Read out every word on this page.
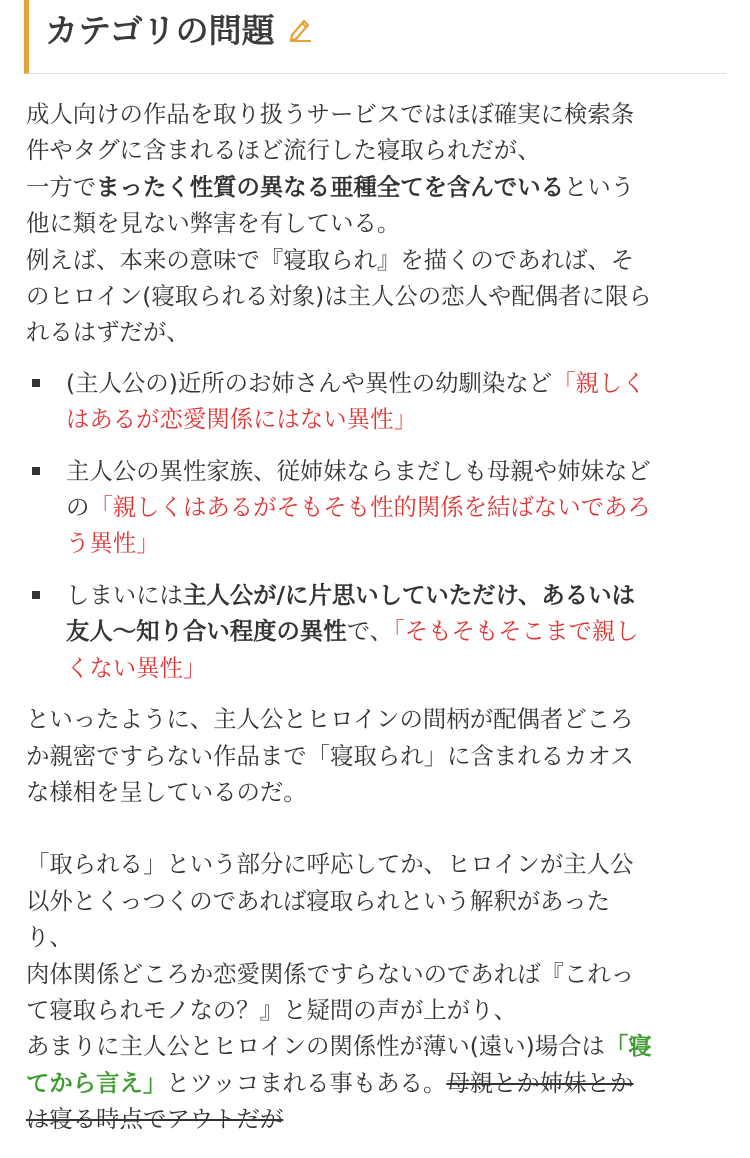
カテゴリの問題

成人向けの作品を取り扱うサービスではほぼ確実に検索条
件やタグに含まれるほど流行した寝取られだが、
一方でまったく性質の異なる亜種全てを含んでいるという
他に類を見ない弊害を有している。
例えば、本来の意味で『寝取られ』を描くのであれば、そ
のヒロイン(寝取られる対象)は主人公の恋人や配偶者に限ら
れるはずだが、

(主人公の)近所のお姉さんや異性の幼馴染など「親しく
はあるが恋愛関係にはない異性」
主人公の異性家族、従姉妹ならまだしも母親や姉妹など
の「親しくはあるがそもそも性的関係を結ばないであろ
う異性」
しまいには主人公が/に片思いしていただけ、あるいは
友人〜知り合い程度の異性で、「そもそもそこまで親し
くない異性」

といったように、主人公とヒロインの間柄が配偶者どころ
か親密ですらない作品まで「寝取られ」に含まれるカオス
な様相を呈しているのだ。

「取られる」という部分に呼応してか、ヒロインが主人公
以外とくっつくのであれば寝取られという解釈があった
り、
肉体関係どころか恋愛関係ですらないのであれば『これっ
て寝取られモノなの？』と疑問の声が上がり、
あまりに主人公とヒロインの関係性が薄い(遠い)場合は「寝
てから言え」とツッコまれる事もある。母親とか姉妹とか
は寝る時点でアウトだが
